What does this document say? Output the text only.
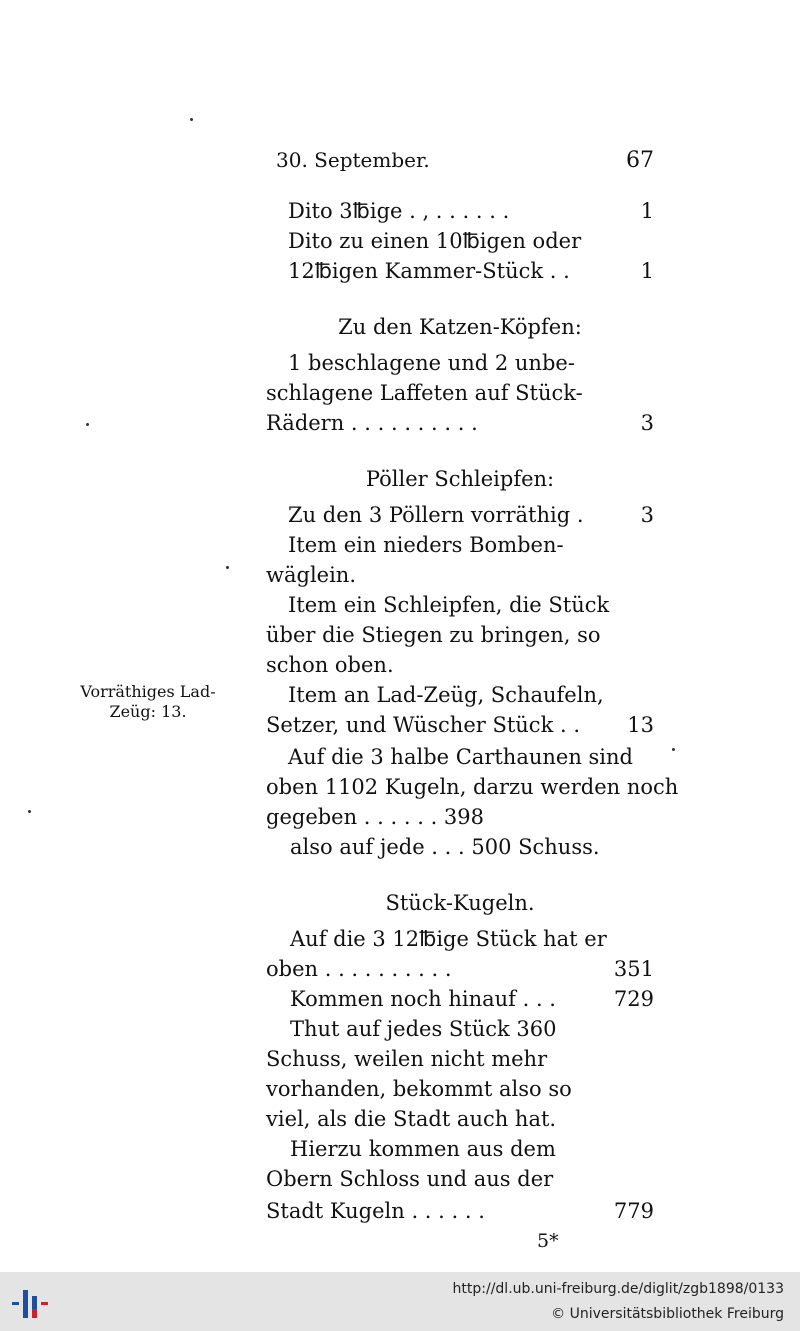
30. September.	67
Dito 3℔ige . , . . . . . .	1
Dito zu einen 10℔igen oder
12℔igen Kammer-Stück . .	1
Zu den Katzen-Köpfen:
1 beschlagene und 2 unbe-
schlagene Laffeten auf Stück-
Rädern . . . . . . . . . .	3
Pöller Schleipfen:
Zu den 3 Pöllern vorräthig .	3
Item ein nieders Bomben-
wäglein.
Item ein Schleipfen, die Stück
über die Stiegen zu bringen, so
schon oben.
Item an Lad-Zeüg, Schaufeln,
Setzer, und Wüscher Stück . . 13
Auf die 3 halbe Carthaunen sind
oben 1102 Kugeln, darzu werden noch
gegeben . . . . . . 398
also auf jede . . . 500 Schuss.
Stück-Kugeln.
Auf die 3 12℔ige Stück hat er
oben . . . . . . . . . .	351
Kommen noch hinauf . . .	729
Thut auf jedes Stück 360
Schuss, weilen nicht mehr
vorhanden, bekommt also so
viel, als die Stadt auch hat.
Hierzu kommen aus dem
Obern Schloss und aus der
Stadt Kugeln . . . . . .	779
Vorräthiges Lad-
Zeüg: 13.
5*
http://dl.ub.uni-freiburg.de/diglit/zgb1898/0133
© Universitätsbibliothek Freiburg
